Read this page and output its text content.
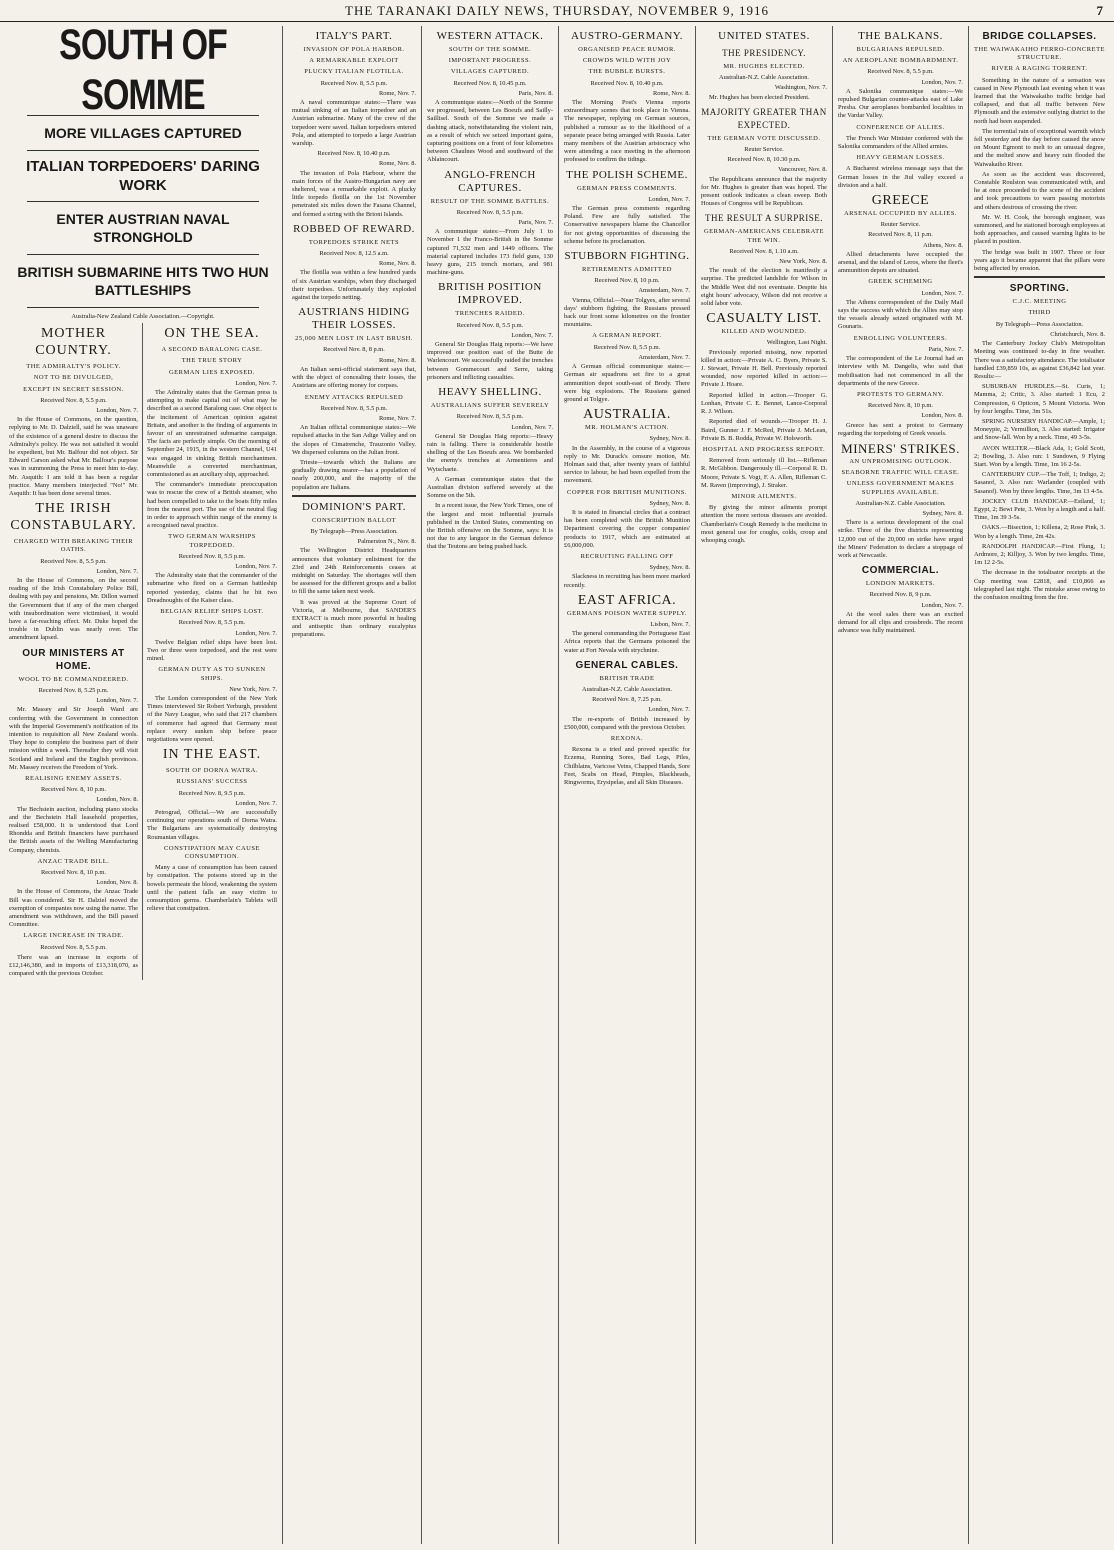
THE TARANAKI DAILY NEWS, THURSDAY, NOVEMBER 9, 1916	7
SOUTH OF SOMME
MORE VILLAGES CAPTURED
ITALIAN TORPEDOERS' DARING WORK
ENTER AUSTRIAN NAVAL STRONGHOLD
BRITISH SUBMARINE HITS TWO HUN BATTLESHIPS
Australia-New Zealand Cable Association.—Copyright.
MOTHER COUNTRY.
THE ADMIRALTY'S POLICY.
NOT TO BE DIVULGED,
EXCEPT IN SECRET SESSION.
Received Nov. 8, 5.5 p.m.
London, Nov. 7.

In the House of Commons, on the question, replying to Mr. D. Dalziell, said he was unaware of the existence of a general desire to discuss the Admiralty's policy. He was not satisfied it would be expedient, but Mr. Balfour did not object. Sir Edward Carson asked what Mr. Balfour's purpose was in summoning the Press to meet him to-day. Mr. Asquith: I am told it has been a regular practice. Many members interjected "No!" Mr. Asquith: It has been done several times.

THE IRISH CONSTABULARY.
CHARGED WITH BREAKING THEIR OATHS.
Received Nov. 8, 5.5 p.m.
London, Nov. 7.

In the House of Commons, on the second reading of the Irish Constabulary Police Bill, dealing with pay and pensions, Mr. Dillon warned the Government that if any of the men charged with insubordination were victimised, it would have a far-reaching effect. Mr. Duke hoped the trouble in Dublin was nearly over. The amendment lapsed.

OUR MINISTERS AT HOME.
WOOL TO BE COMMANDEERED.
Received Nov. 8, 5.25 p.m.
London, Nov. 7.

Mr. Massey and Sir Joseph Ward are conferring with the Government in connection with the Imperial Government's notification of its intention to requisition all New Zealand wools. They hope to complete the business part of their mission within a week. Thereafter they will visit Scotland and Ireland and the English provinces. Mr. Massey receives the Freedom of York.

REALISING ENEMY ASSETS.
Received Nov. 8, 10 p.m.
London, Nov. 8.

The Bechstein auction, including piano stocks and the Bechstein Hall leasehold properties, realised £58,000. It is understood that Lord Rhondda and British financiers have purchased the British assets of the Welling Manufacturing Company, chemists.

ANZAC TRADE BILL.
Received Nov. 8, 10 p.m.
London, Nov. 8.

In the House of Commons, the Anzac Trade Bill was considered. Sir H. Dalziel moved the exemption of companies now using the name. The amendment was withdrawn, and the Bill passed Committee.

LARGE INCREASE IN TRADE.
Received Nov. 8, 5.5 p.m.

There was an increase in exports of £12,146,380, and in imports of £13,318,070, as compared with the previous October.

ON THE SEA.
A SECOND BARALONG CASE.
THE TRUE STORY
GERMAN LIES EXPOSED.
London, Nov. 7.

The Admiralty states that the German press is attempting to make capital out of what may be described as a second Baralong case. One object is the incitement of American opinion against Britain, and another is the finding of arguments in favour of an unrestrained submarine campaign. The facts are perfectly simple. On the morning of September 24, 1915, in the western Channel, U41 was engaged in sinking British merchantmen. Meanwhile a converted merchantman, commissioned as an auxiliary ship, approached.

The commander's immediate preoccupation was to rescue the crew of a British steamer, who had been compelled to take to the boats fifty miles from the nearest port. The use of the neutral flag in order to approach within range of the enemy is a recognised naval practice.

TWO GERMAN WARSHIPS TORPEDOED.
Received Nov. 8, 5.5 p.m.
London, Nov. 7.

The Admiralty state that the commander of the submarine who fired on a German battleship reported yesterday, claims that he hit two Dreadnoughts of the Kaiser class.

BELGIAN RELIEF SHIPS LOST.
Received Nov. 8, 5.5 p.m.
London, Nov. 7.

Twelve Belgian relief ships have been lost. Two or three were torpedoed, and the rest were mined.

GERMAN DUTY AS TO SUNKEN SHIPS.
New York, Nov. 7.

The London correspondent of the New York Times interviewed Sir Robert Yerburgh, president of the Navy League, who said that 217 chambers of commerce had agreed that Germany must replace every sunken ship before peace negotiations were opened.

IN THE EAST.
SOUTH OF DORNA WATRA.
RUSSIANS' SUCCESS
Received Nov. 8, 9.5 p.m.
London, Nov. 7.

Petrograd, Official.—We are successfully continuing our operations south of Dorna Watra. The Bulgarians are systematically destroying Roumanian villages.

CONSTIPATION MAY CAUSE CONSUMPTION.

Many a case of consumption has been caused by constipation. The poisons stored up in the bowels permeate the blood, weakening the system until the patient falls an easy victim to consumption germs. Chamberlain's Tablets will relieve that constipation.

ITALY'S PART.
INVASION OF POLA HARBOR.
A REMARKABLE EXPLOIT
PLUCKY ITALIAN FLOTILLA.
Received Nov. 8, 5.5 p.m.
Rome, Nov. 7.

A naval communique states:—There was mutual sinking of an Italian torpedoer and an Austrian submarine. Many of the crew of the torpedoer were saved. Italian torpedoers entered Pola, and attempted to torpedo a large Austrian warship.

Received Nov. 8, 10.40 p.m.
Rome, Nov. 8.

The invasion of Pola Harbour, where the main forces of the Austro-Hungarian navy are sheltered, was a remarkable exploit. A plucky little torpedo flotilla on the 1st November penetrated six miles down the Fasana Channel, and formed a string with the Brioni Islands.

ROBBED OF REWARD.
TORPEDOES STRIKE NETS
Received Nov. 8, 12.5 a.m.
Rome, Nov. 8.

The flotilla was within a few hundred yards of six Austrian warships, when they discharged their torpedoes. Unfortunately they exploded against the torpedo netting.

AUSTRIANS HIDING THEIR LOSSES.
25,000 MEN LOST IN LAST BRUSH.
Received Nov. 8, 8 p.m.
Rome, Nov. 8.

An Italian semi-official statement says that, with the object of concealing their losses, the Austrians are offering money for corpses.

ENEMY ATTACKS REPULSED
Received Nov. 8, 5.5 p.m.
Rome, Nov. 7.

An Italian official communique states:—We repulsed attacks in the San Adige Valley and on the slopes of Cimatrenche, Trauzonio Valley. We dispersed columns on the Julian front.

Trieste—towards which the Italians are gradually drawing nearer—has a population of nearly 200,000, and the majority of the population are Italians.

DOMINION'S PART.
CONSCRIPTION BALLOT
By Telegraph—Press Association.
Palmerston N., Nov. 8.

The Wellington District Headquarters announces that voluntary enlistment for the 23rd and 24th Reinforcements ceases at midnight on Saturday. The shortages will then be assessed for the different groups and a ballot to fill the same taken next week.

It was proved at the Supreme Court of Victoria, at Melbourne, that SANDER'S EXTRACT is much more powerful in healing and antiseptic than ordinary eucalyptus preparations.

WESTERN ATTACK.
SOUTH OF THE SOMME.
IMPORTANT PROGRESS.
VILLAGES CAPTURED.
Received Nov. 8, 10.45 p.m.
Paris, Nov. 8.

A communique states:—North of the Somme we progressed, between Les Boeufs and Sailly-Saillisel. South of the Somme we made a dashing attack, notwithstanding the violent rain, as a result of which we seized important gains, capturing positions on a front of four kilometres between Chaulnes Wood and southward of the Ablaincourt.

ANGLO-FRENCH CAPTURES.
RESULT OF THE SOMME BATTLES.
Received Nov. 8, 5.5 p.m.
Paris, Nov. 7.

A communique states:—From July 1 to November 1 the Franco-British in the Somme captured 71,532 men and 1449 officers. The material captured includes 173 field guns, 130 heavy guns, 215 trench mortars, and 981 machine-guns.

BRITISH POSITION IMPROVED.
TRENCHES RAIDED.
Received Nov. 8, 5.5 p.m.
London, Nov. 7.

General Sir Douglas Haig reports:—We have improved our position east of the Butte de Warlencourt. We successfully raided the trenches between Gommecourt and Serre, taking prisoners and inflicting casualties.

HEAVY SHELLING.
AUSTRALIANS SUFFER SEVERELY
Received Nov. 8, 5.5 p.m.
London, Nov. 7.

General Sir Douglas Haig reports:—Heavy rain is falling. There is considerable hostile shelling of the Les Boeufs area. We bombarded the enemy's trenches at Armentieres and Wytschaete.

A German communique states that the Australian division suffered severely at the Somme on the 5th.

In a recent issue, the New York Times, one of the largest and most influential journals published in the United States, commenting on the British offensive on the Somme, says: It is not due to any languor in the German defence that the Teutons are being pushed back.

AUSTRO-GERMANY.
ORGANISED PEACE RUMOR.
CROWDS WILD WITH JOY
THE BUBBLE BURSTS.
Received Nov. 8, 10.40 p.m.
Rome, Nov. 8.

The Morning Post's Vienna reports extraordinary scenes that took place in Vienna. The newspaper, replying on German sources, published a rumour as to the likelihood of a separate peace being arranged with Russia. Later many members of the Austrian aristocracy who were attending a race meeting in the afternoon professed to confirm the tidings.

THE POLISH SCHEME.
GERMAN PRESS COMMENTS.
London, Nov. 7.

The German press comments regarding Poland. Few are fully satisfied. The Conservative newspapers blame the Chancellor for not giving opportunities of discussing the scheme before its proclamation.

STUBBORN FIGHTING.
RETIREMENTS ADMITTED
Received Nov. 8, 10 p.m.
Amsterdam, Nov. 7.

Vienna, Official.—Near Tolgyes, after several days' stubborn fighting, the Russians pressed back our front some kilometres on the frontier mountains.

A GERMAN REPORT.
Received Nov. 8, 5.5 p.m.
Amsterdam, Nov. 7.

A German official communique states:—German air squadrons set fire to a great ammunition depot south-east of Brody. There were big explosions. The Russians gained ground at Tolgye.

AUSTRALIA.
MR. HOLMAN'S ACTION.
Sydney, Nov. 8.

In the Assembly, in the course of a vigorous reply to Mr. Durack's censure motion, Mr. Holman said that, after twenty years of faithful service to labour, he had been expelled from the movement.

COPPER FOR BRITISH MUNITIONS.
Sydney, Nov. 8.

It is stated in financial circles that a contract has been completed with the British Munition Department covering the copper companies' products to 1917, which are estimated at £6,000,000.

RECRUITING FALLING OFF
Sydney, Nov. 8.

Slackness in recruiting has been more marked recently.

EAST AFRICA.
GERMANS POISON WATER SUPPLY.
Lisbon, Nov. 7.

The general commanding the Portuguese East Africa reports that the Germans poisoned the water at Fort Nevala with strychnine.

GENERAL CABLES.
BRITISH TRADE
Australian-N.Z. Cable Association.
Received Nov. 8, 7.25 p.m.
London, Nov. 7.

The re-exports of British increased by £500,000, compared with the previous October.

REXONA.

Rexona is a tried and proved specific for Eczema, Running Sores, Bad Legs, Piles, Chilblains, Varicose Veins, Chapped Hands, Sore Feet, Scabs on Head, Pimples, Blackheads, Ringworms, Erysipelas, and all Skin Diseases.

UNITED STATES.
THE PRESIDENCY.
MR. HUGHES ELECTED.
Australian-N.Z. Cable Association.
Washington, Nov. 7.

Mr. Hughes has been elected President.

MAJORITY GREATER THAN EXPECTED.
THE GERMAN VOTE DISCUSSED.
Reuter Service.
Received Nov. 8, 10.30 p.m.
Vancouver, Nov. 8.

The Republicans announce that the majority for Mr. Hughes is greater than was hoped. The present outlook indicates a clean sweep. Both Houses of Congress will be Republican.

THE RESULT A SURPRISE.
GERMAN-AMERICANS CELEBRATE THE WIN.
Received Nov. 8, 1.10 a.m.
New York, Nov. 8.

The result of the election is manifestly a surprise. The predicted landslide for Wilson in the Middle West did not eventuate. Despite his eight hours' advocacy, Wilson did not receive a solid labor vote.

CASUALTY LIST.
KILLED AND WOUNDED.
Wellington, Last Night.

Previously reported missing, now reported killed in action:—Private A. C. Byers, Private S. J. Stewart, Private H. Bell. Previously reported wounded, now reported killed in action:—Private J. Hoare.

Reported killed in action.—Trooper G. Lonhan, Private C. E. Bennet, Lance-Corporal R. J. Wilson.

Reported died of wounds.—Trooper H. J. Baird, Gunner J. F. McRed, Private J. McLean, Private B. B. Rodda, Private W. Holsworth.

HOSPITAL AND PROGRESS REPORT.

Removed from seriously ill list.—Rifleman R. McGibbon. Dangerously ill.—Corporal R. D. Moore, Private S. Vogt, F. A. Allen, Rifleman C. M. Raven (improving), J. Straker.

MINOR AILMENTS.

By giving the minor ailments prompt attention the more serious diseases are avoided. Chamberlain's Cough Remedy is the medicine in most general use for coughs, colds, croup and whooping cough.

THE BALKANS.
BULGARIANS REPULSED.
AN AEROPLANE BOMBARDMENT.
Received Nov. 8, 5.5 p.m.
London, Nov. 7.

A Salonika communique states:—We repulsed Bulgarian counter-attacks east of Lake Presba. Our aeroplanes bombarded localities in the Vardar Valley.

CONFERENCE OF ALLIES.

The French War Minister conferred with the Salonika commanders of the Allied armies.

HEAVY GERMAN LOSSES.

A Bucharest wireless message says that the German losses in the Jiul valley exceed a division and a half.

GREECE
ARSENAL OCCUPIED BY ALLIES.
Reuter Service.
Received Nov. 8, 11 p.m.
Athens, Nov. 8.

Allied detachments have occupied the arsenal, and the island of Leros, where the fleet's ammunition depots are situated.

GREEK SCHEMING
London, Nov. 7.

The Athens correspondent of the Daily Mail says the success with which the Allies may stop the vessels already seized originated with M. Gounaris.

ENROLLING VOLUNTEERS.
Paris, Nov. 7.

The correspondent of the Le Journal had an interview with M. Dangelis, who said that mobilisation had not commenced in all the departments of the new Greece.

PROTESTS TO GERMANY.
Received Nov. 8, 10 p.m.
London, Nov. 8.

Greece has sent a protest to Germany regarding the torpedoing of Greek vessels.

MINERS' STRIKES.
AN UNPROMISING OUTLOOK.
SEABORNE TRAFFIC WILL CEASE.
UNLESS GOVERNMENT MAKES SUPPLIES AVAILABLE.
Australian-N.Z. Cable Association.
Sydney, Nov. 8.

There is a serious development of the coal strike. Three of the five districts representing 12,000 out of the 20,000 on strike have urged the Miners' Federation to declare a stoppage of work at Newcastle.

COMMERCIAL.
LONDON MARKETS.
Received Nov. 8, 9 p.m.
London, Nov. 7.

At the wool sales there was an excited demand for all clips and crossbreds. The recent advance was fully maintained.

BRIDGE COLLAPSES.
THE WAIWAKAIHO FERRO-CONCRETE STRUCTURE.
RIVER A RAGING TORRENT.

Something in the nature of a sensation was caused in New Plymouth last evening when it was learned that the Waiwakaiho traffic bridge had collapsed, and that all traffic between New Plymouth and the extensive outlying district to the north had been suspended.

The torrential rain of exceptional warmth which fell yesterday and the day before caused the snow on Mount Egmont to melt to an unusual degree, and the melted snow and heavy rain flooded the Waiwakaiho River.

As soon as the accident was discovered, Constable Roulston was communicated with, and he at once proceeded to the scene of the accident and took precautions to warn passing motorists and others desirous of crossing the river.

Mr. W. H. Cook, the borough engineer, was summoned, and he stationed borough employees at both approaches, and caused warning lights to be placed in position.

The bridge was built in 1907. Three or four years ago it became apparent that the pillars were being affected by erosion.

SPORTING.
C.J.C. MEETING
THIRD
By Telegraph—Press Association.
Christchurch, Nov. 8.

The Canterbury Jockey Club's Metropolitan Meeting was continued to-day in fine weather. There was a satisfactory attendance. The totalisator handled £39,859 10s, as against £36,842 last year. Results:—

SUBURBAN HURDLES.—St. Curis, 1; Mamma, 2; Critic, 3. Also started: 1 Ecu, 2 Compression, 6 Opticon, 5 Mount Victoria. Won by four lengths. Time, 3m 51s.

SPRING NURSERY HANDICAP.—Ample, 1; Moneypie, 2; Vermillion, 3. Also started: Irrigator and Snow-fall. Won by a neck. Time, 49 3-5s.

AVON WELTER.—Black Ada, 1; Gold Scott, 2; Bowling, 3. Also run: 1 Sundown, 9 Flying Start. Won by a length. Time, 1m 16 2-5s.

CANTERBURY CUP.—The Toff, 1; Indigo, 2; Sasanof, 3. Also ran: Warlander (coupled with Sasanof). Won by three lengths. Time, 3m 13 4-5s.

JOCKEY CLUB HANDICAP.—Estland, 1; Egypt, 2; Bewi Pete, 3. Won by a length and a half. Time, 1m 39 3-5s.

OAKS.—Bisection, 1; Killena, 2; Rose Pink, 3. Won by a length. Time, 2m 42s.

RANDOLPH HANDICAP.—First Flung, 1; Ardmore, 2; Killjoy, 3. Won by two lengths. Time, 1m 12 2-5s.

The decrease in the totalisator receipts at the Cup meeting was £2818, and £10,866 as telegraphed last night. The mistake arose owing to the confusion resulting from the fire.
